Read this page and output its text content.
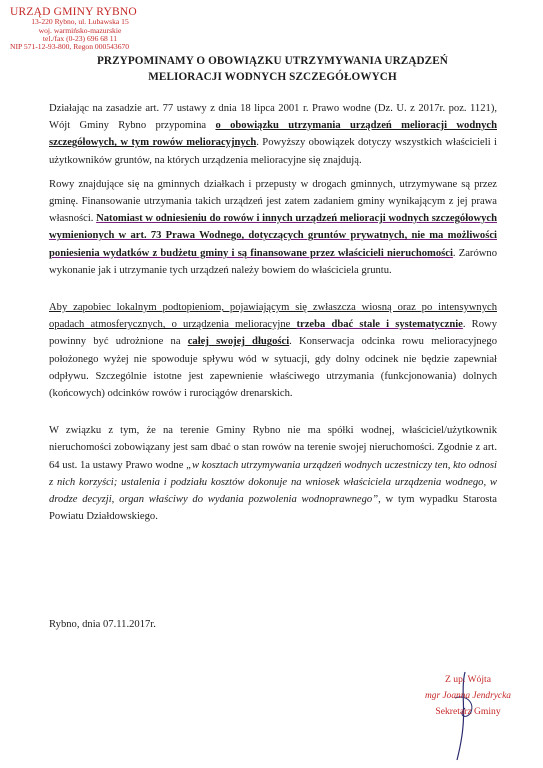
URZĄD GMINY RYBNO
13-220 Rybno, ul. Lubawska 15
woj. warmińsko-mazurskie
tel./fax (0-23) 696 68 11
NIP 571-12-93-800, Regon 000543670
PRZYPOMINAMY O OBOWIĄZKU UTRZYMYWANIA URZĄDZEŃ
MELIORACJI WODNYCH SZCZEGÓŁOWYCH

Działając na zasadzie art. 77 ustawy z dnia 18 lipca 2001 r. Prawo wodne (Dz. U. z 2017r. poz. 1121), Wójt Gminy Rybno przypomina o obowiązku utrzymania urządzeń melioracji wodnych szczegółowych, w tym rowów melioracyjnych. Powyższy obowiązek dotyczy wszystkich właścicieli i użytkowników gruntów, na których urządzenia melioracyjne się znajdują.

Rowy znajdujące się na gminnych działkach i przepusty w drogach gminnych, utrzymywane są przez gminę. Finansowanie utrzymania takich urządzeń jest zatem zadaniem gminy wynikającym z jej prawa własności. Natomiast w odniesieniu do rowów i innych urządzeń melioracji wodnych szczegółowych wymienionych w art. 73 Prawa Wodnego, dotyczących gruntów prywatnych, nie ma możliwości poniesienia wydatków z budżetu gminy i są finansowane przez właścicieli nieruchomości. Zarówno wykonanie jak i utrzymanie tych urządzeń należy bowiem do właściciela gruntu.

Aby zapobiec lokalnym podtopieniom, pojawiającym się zwłaszcza wiosną oraz po intensywnych opadach atmosferycznych, o urządzenia melioracyjne trzeba dbać stale i systematycznie. Rowy powinny być udrożnione na całej swojej długości. Konserwacja odcinka rowu melioracyjnego położonego wyżej nie spowoduje spływu wód w sytuacji, gdy dolny odcinek nie będzie zapewniał odpływu. Szczególnie istotne jest zapewnienie właściwego utrzymania (funkcjonowania) dolnych (końcowych) odcinków rowów i rurociągów drenarskich.

W związku z tym, że na terenie Gminy Rybno nie ma spółki wodnej, właściciel/użytkownik nieruchomości zobowiązany jest sam dbać o stan rowów na terenie swojej nieruchomości. Zgodnie z art. 64 ust. 1a ustawy Prawo wodne „w kosztach utrzymywania urządzeń wodnych uczestniczy ten, kto odnosi z nich korzyści; ustalenia i podziału kosztów dokonuje na wniosek właściciela urządzenia wodnego, w drodze decyzji, organ właściwy do wydania pozwolenia wodnoprawnego”, w tym wypadku Starosta Powiatu Działdowskiego.

Rybno, dnia 07.11.2017r.
Z up. Wójta
mgr Joanna Jendrycka
Sekretarz Gminy
